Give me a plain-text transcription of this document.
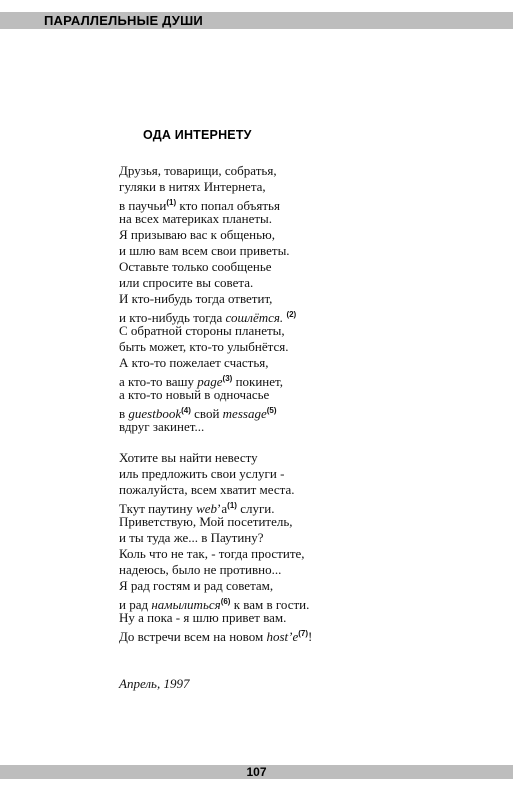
ПАРАЛЛЕЛЬНЫЕ ДУШИ
ОДА ИНТЕРНЕТУ

Друзья, товарищи, собратья,
гуляки в нитях Интернета,
в паучьи$^{(1)}$ кто попал объятья
на всех материках планеты.
Я призываю вас к общенью,
и шлю вам всем свои приветы.
Оставьте только сообщенье
или спросите вы совета.
И кто-нибудь тогда ответит,
и кто-нибудь тогда сошлётся. $^{(2)}$
С обратной стороны планеты,
быть может, кто-то улыбнётся.
А кто-то пожелает счастья,
а кто-то вашу page$^{(3)}$ покинет,
а кто-то новый в одночасье
в guestbook$^{(4)}$ свой message$^{(5)}$
вдруг закинет...

Хотите вы найти невесту
иль предложить свои услуги -
пожалуйста, всем хватит места.
Ткут паутину web’а$^{(1)}$ слуги.
Приветствую, Мой посетитель,
и ты туда же... в Паутину?
Коль что не так, - тогда простите,
надеюсь, было не противно...
Я рад гостям и рад советам,
и рад намылиться$^{(6)}$ к вам в гости.
Ну а пока - я шлю привет вам.
До встречи всем на новом host’e$^{(7)}$!

Апрель, 1997
107
